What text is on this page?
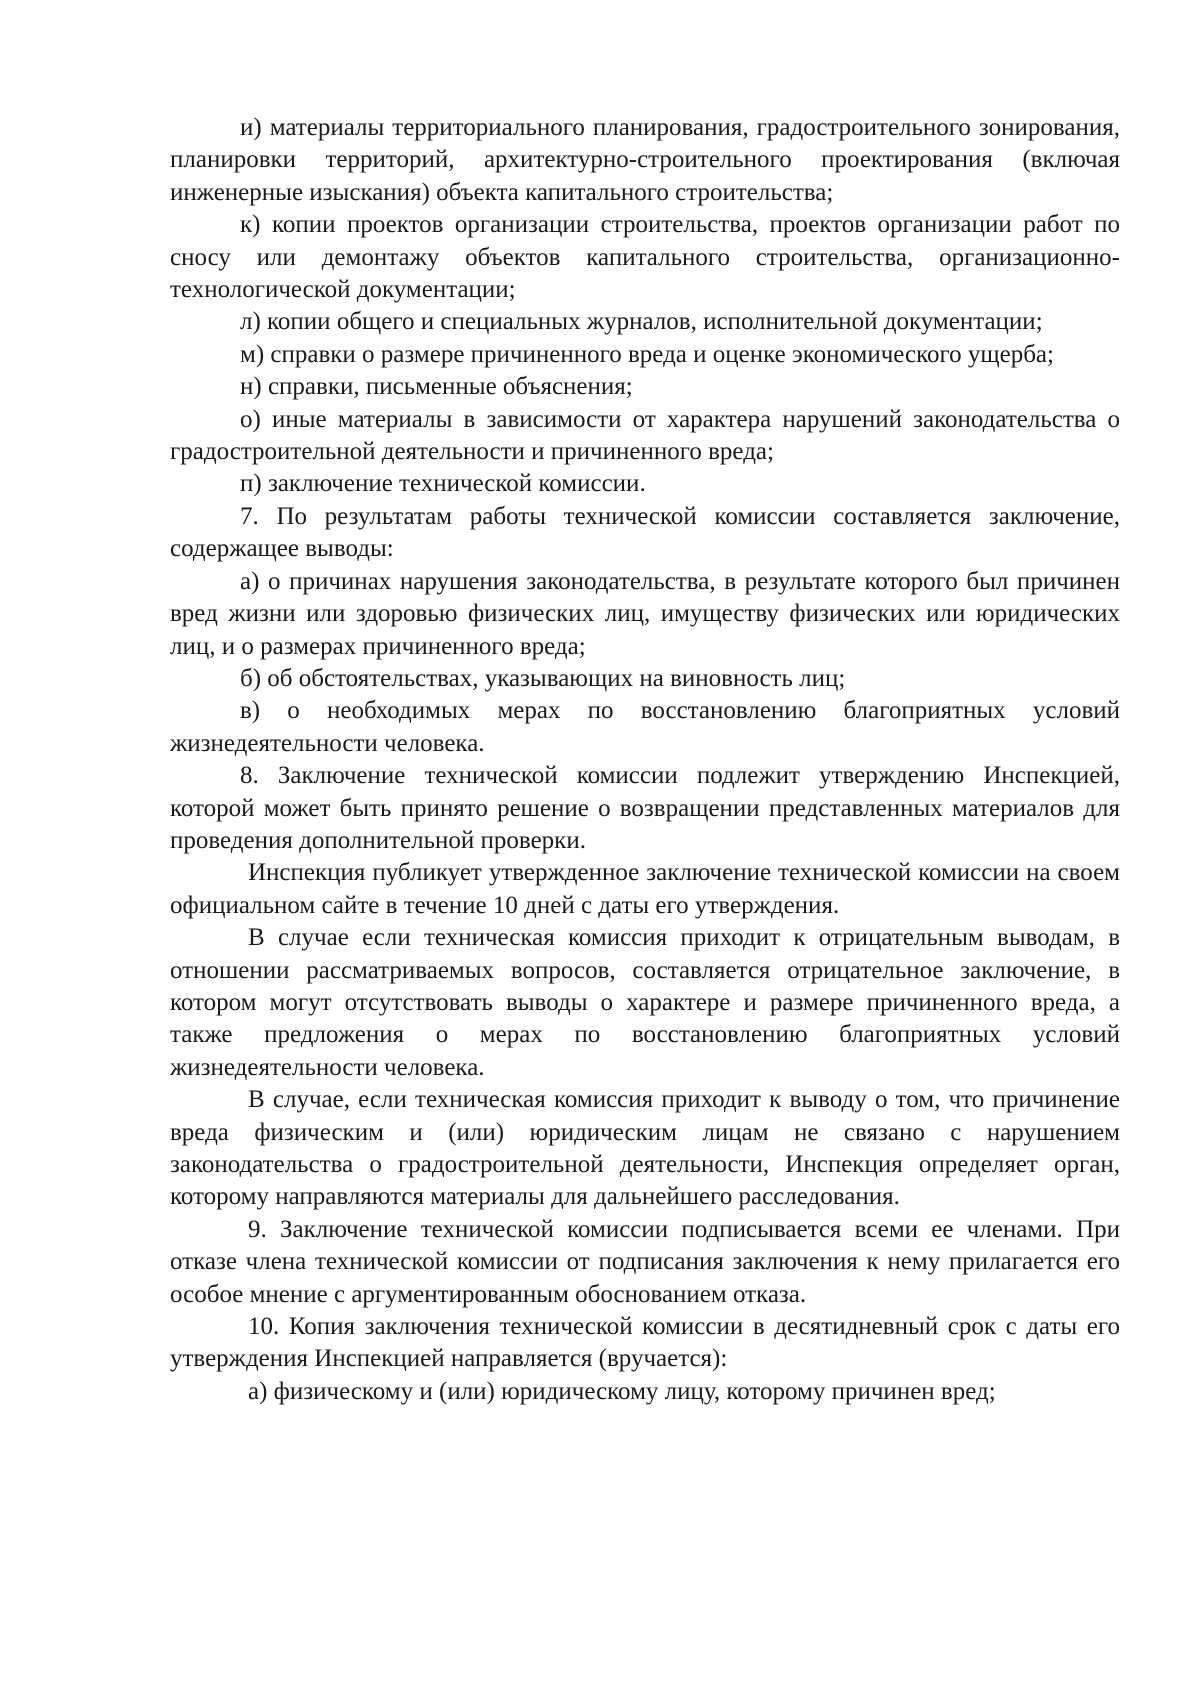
и) материалы территориального планирования, градостроительного зонирования, планировки территорий, архитектурно-строительного проектирования (включая инженерные изыскания) объекта капитального строительства;

к) копии проектов организации строительства, проектов организации работ по сносу или демонтажу объектов капитального строительства, организационно-технологической документации;

л) копии общего и специальных журналов, исполнительной документации;

м) справки о размере причиненного вреда и оценке экономического ущерба;

н) справки, письменные объяснения;

о) иные материалы в зависимости от характера нарушений законодательства о градостроительной деятельности и причиненного вреда;

п) заключение технической комиссии.

7. По результатам работы технической комиссии составляется заключение, содержащее выводы:

а) о причинах нарушения законодательства, в результате которого был причинен вред жизни или здоровью физических лиц, имуществу физических или юридических лиц, и о размерах причиненного вреда;

б) об обстоятельствах, указывающих на виновность лиц;

в) о необходимых мерах по восстановлению благоприятных условий жизнедеятельности человека.

8. Заключение технической комиссии подлежит утверждению Инспекцией, которой может быть принято решение о возвращении представленных материалов для проведения дополнительной проверки.

Инспекция публикует утвержденное заключение технической комиссии на своем официальном сайте в течение 10 дней с даты его утверждения.

В случае если техническая комиссия приходит к отрицательным выводам, в отношении рассматриваемых вопросов, составляется отрицательное заключение, в котором могут отсутствовать выводы о характере и размере причиненного вреда, а также предложения о мерах по восстановлению благоприятных условий жизнедеятельности человека.

В случае, если техническая комиссия приходит к выводу о том, что причинение вреда физическим и (или) юридическим лицам не связано с нарушением законодательства о градостроительной деятельности, Инспекция определяет орган, которому направляются материалы для дальнейшего расследования.

9. Заключение технической комиссии подписывается всеми ее членами. При отказе члена технической комиссии от подписания заключения к нему прилагается его особое мнение с аргументированным обоснованием отказа.

10. Копия заключения технической комиссии в десятидневный срок с даты его утверждения Инспекцией направляется (вручается):

а) физическому и (или) юридическому лицу, которому причинен вред;
